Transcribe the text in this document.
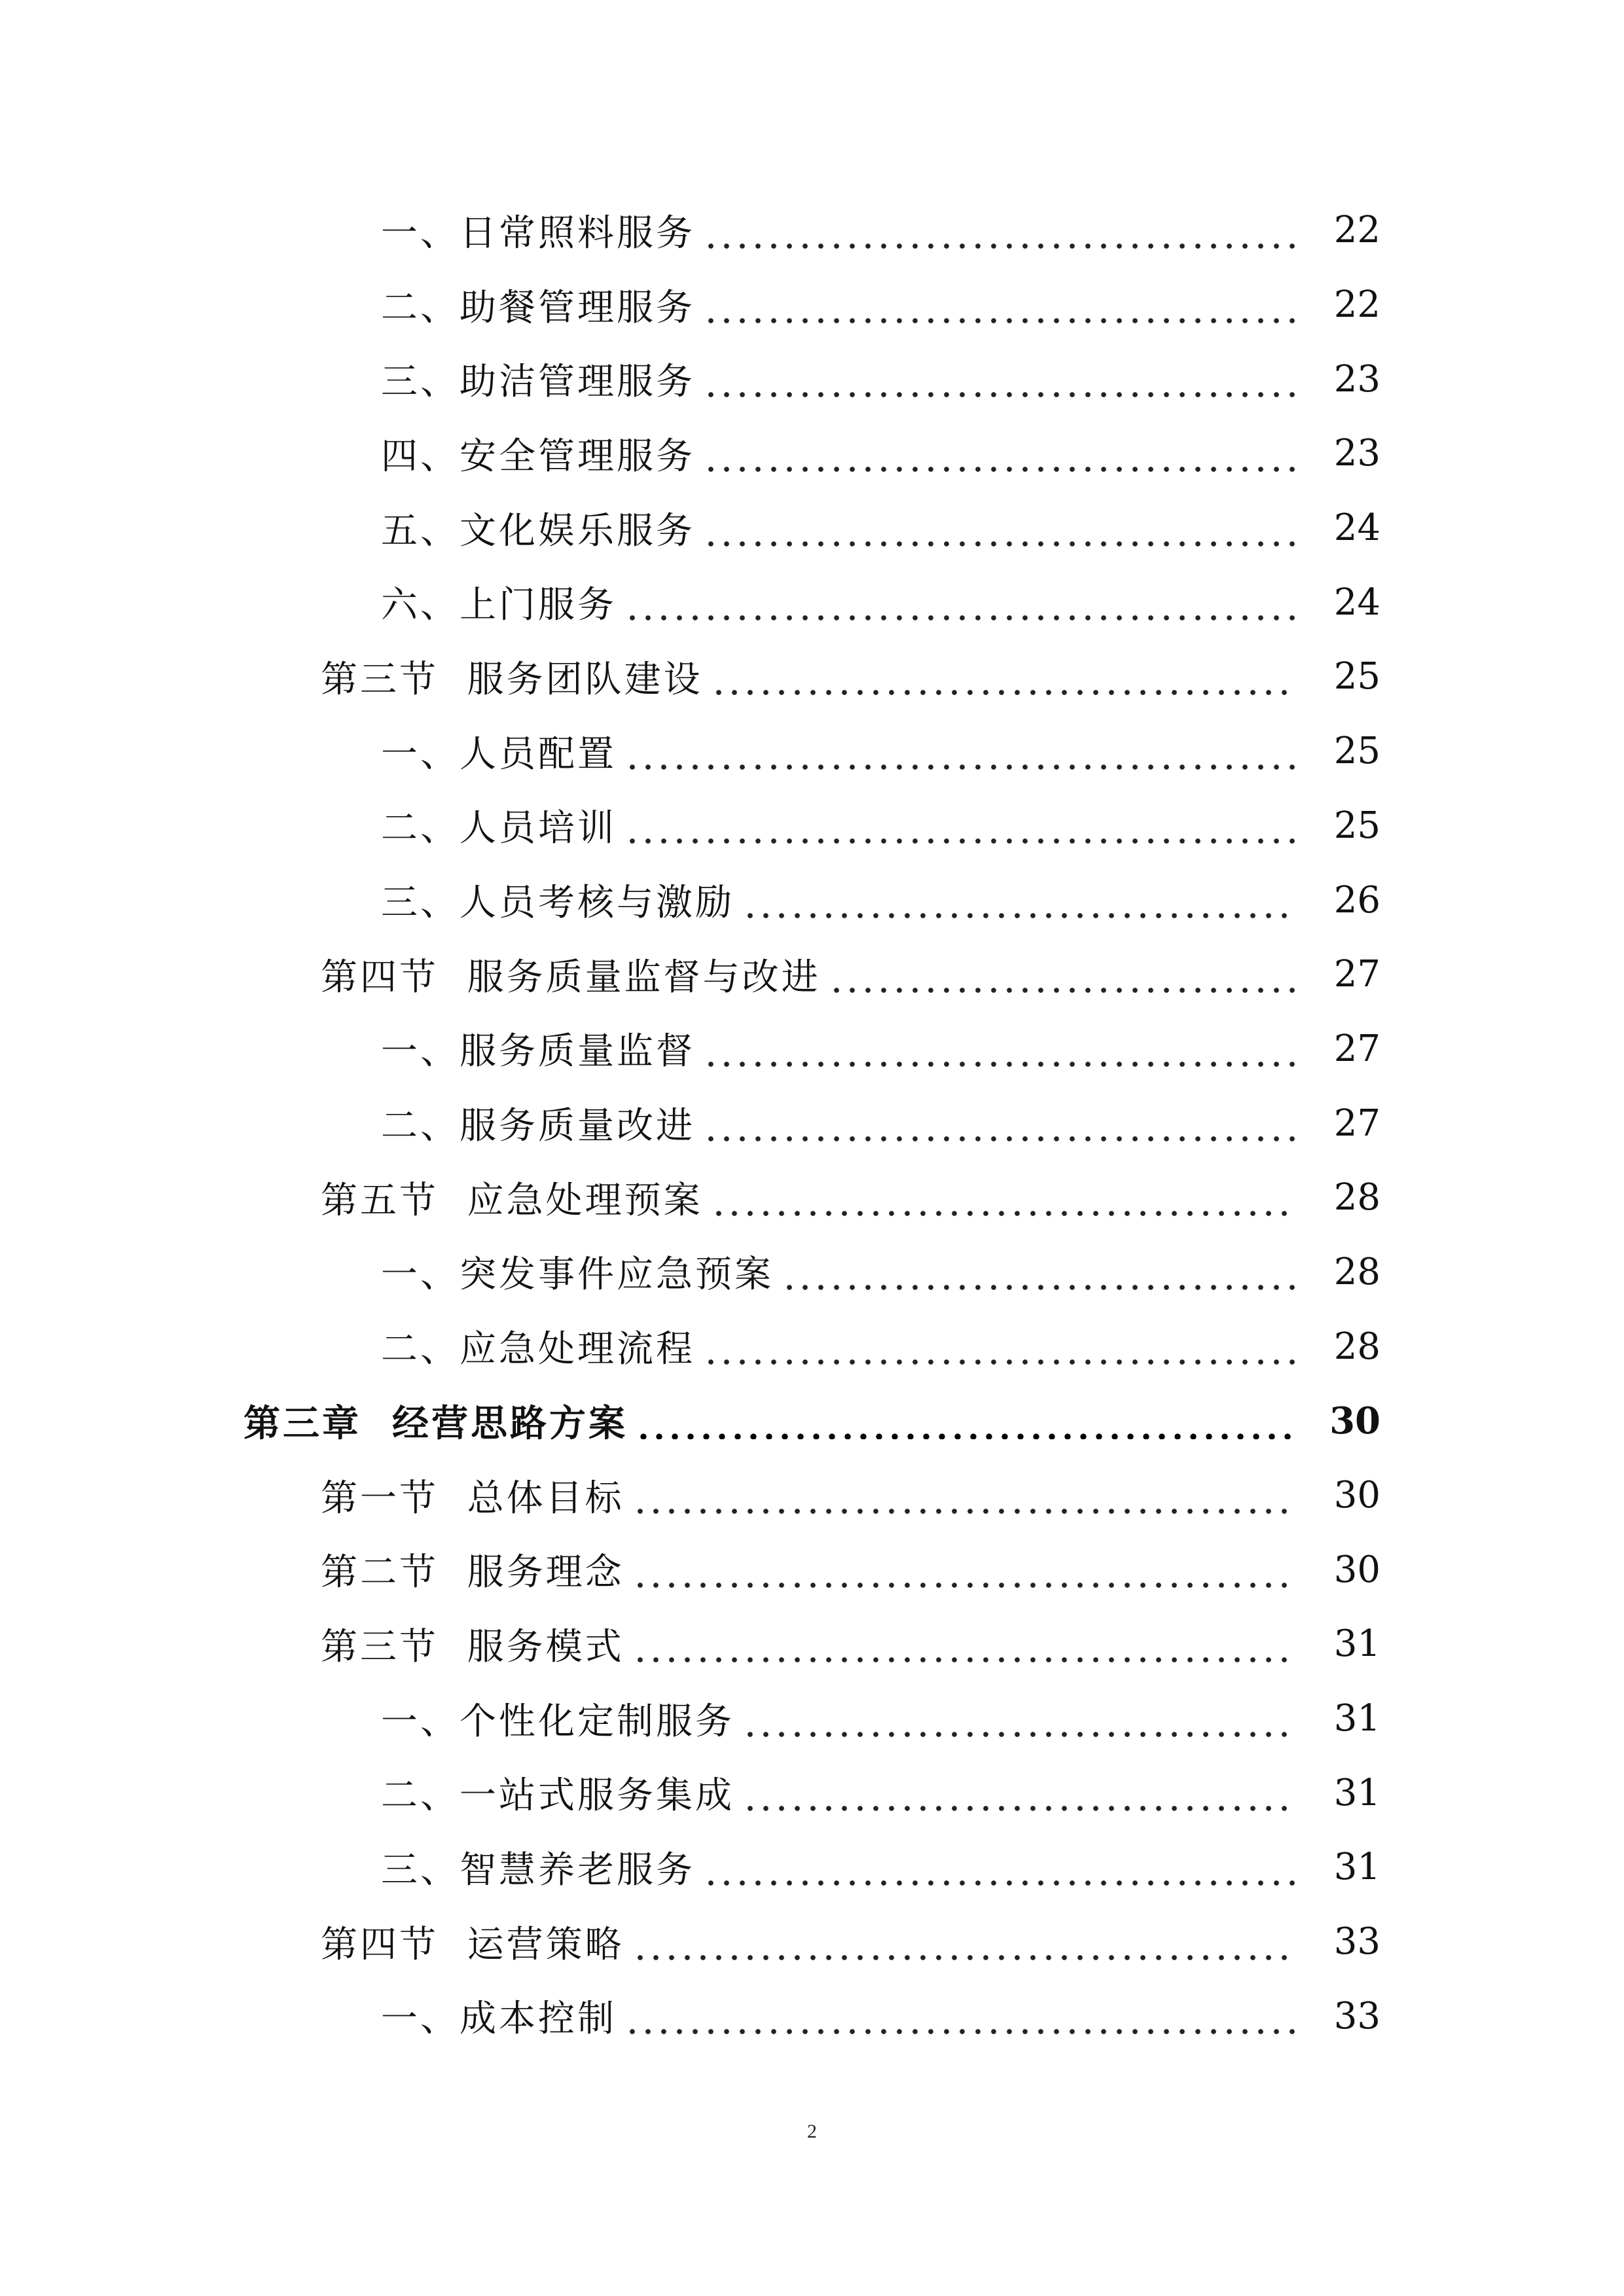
一、日常照料服务	22
二、助餐管理服务	22
三、助洁管理服务	23
四、安全管理服务	23
五、文化娱乐服务	24
六、上门服务	24
第三节  服务团队建设	25
一、人员配置	25
二、人员培训	25
三、人员考核与激励	26
第四节  服务质量监督与改进	27
一、服务质量监督	27
二、服务质量改进	27
第五节  应急处理预案	28
一、突发事件应急预案	28
二、应急处理流程	28
第三章  经营思路方案	30
第一节  总体目标	30
第二节  服务理念	30
第三节  服务模式	31
一、个性化定制服务	31
二、一站式服务集成	31
三、智慧养老服务	31
第四节  运营策略	33
一、成本控制	33
2
